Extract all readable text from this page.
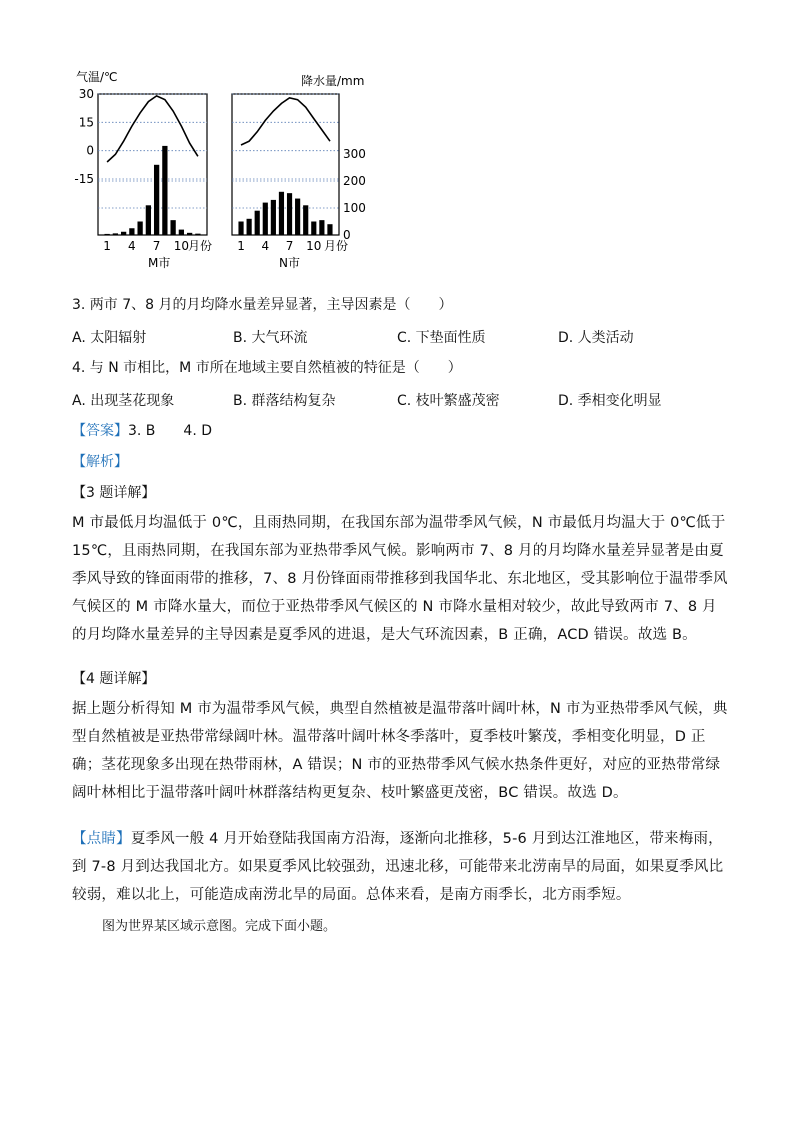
气温/℃
30
15
0
-15
1 4 7 10
月份
M市
降水量/mm
300
200
100
0
1 4 7 10 月份
N市
3. 两市 7、8 月的月均降水量差异显著，主导因素是（　　）
A. 太阳辐射	B. 大气环流	C. 下垫面性质	D. 人类活动
4. 与 N 市相比，M 市所在地域主要自然植被的特征是（　　）
A. 出现茎花现象	B. 群落结构复杂	C. 枝叶繁盛茂密	D. 季相变化明显
【答案】3. B　　4. D
【解析】
【3 题详解】
M 市最低月均温低于 0℃，且雨热同期，在我国东部为温带季风气候，N 市最低月均温大于 0℃低于 15℃，且雨热同期，在我国东部为亚热带季风气候。影响两市 7、8 月的月均降水量差异显著是由夏季风导致的锋面雨带的推移，7、8 月份锋面雨带推移到我国华北、东北地区，受其影响位于温带季风气候区的 M 市降水量大，而位于亚热带季风气候区的 N 市降水量相对较少，故此导致两市 7、8 月的月均降水量差异的主导因素是夏季风的进退，是大气环流因素，B 正确，ACD 错误。故选 B。
【4 题详解】
据上题分析得知 M 市为温带季风气候，典型自然植被是温带落叶阔叶林，N 市为亚热带季风气候，典型自然植被是亚热带常绿阔叶林。温带落叶阔叶林冬季落叶，夏季枝叶繁茂，季相变化明显，D 正确；茎花现象多出现在热带雨林，A 错误；N 市的亚热带季风气候水热条件更好，对应的亚热带常绿阔叶林相比于温带落叶阔叶林群落结构更复杂、枝叶繁盛更茂密，BC 错误。故选 D。
【点睛】夏季风一般 4 月开始登陆我国南方沿海，逐渐向北推移，5-6 月到达江淮地区，带来梅雨，到 7-8 月到达我国北方。如果夏季风比较强劲，迅速北移，可能带来北涝南旱的局面，如果夏季风比较弱，难以北上，可能造成南涝北旱的局面。总体来看，是南方雨季长，北方雨季短。
图为世界某区域示意图。完成下面小题。
